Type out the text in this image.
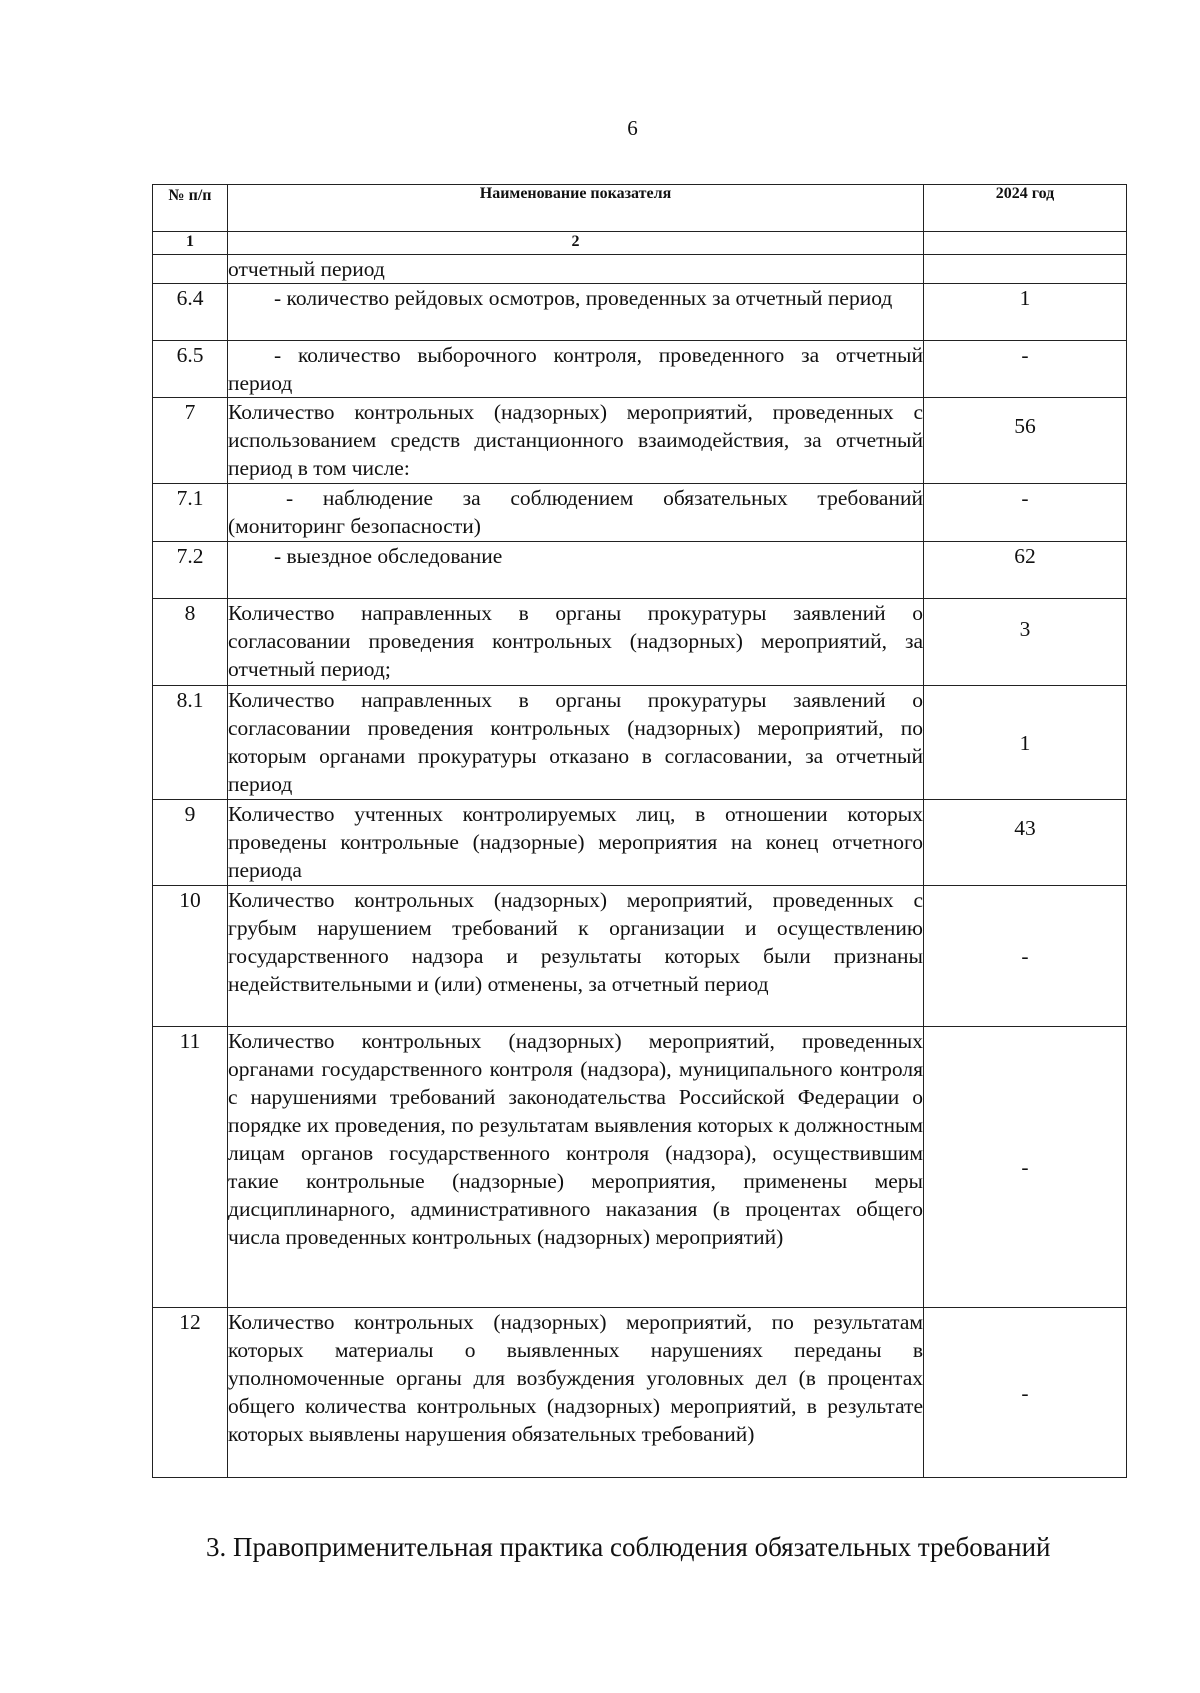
6
№ п/п	Наименование показателя	2024 год
1	2	
	отчетный период	
6.4	- количество рейдовых осмотров, проведенных за отчетный период	1
6.5	- количество выборочного контроля, проведенного за отчетный период	-
7	Количество контрольных (надзорных) мероприятий, проведенных с использованием средств дистанционного взаимодействия, за отчетный период в том числе:	56
7.1	- наблюдение за соблюдением обязательных требований (мониторинг безопасности)	-
7.2	- выездное обследование	62
8	Количество направленных в органы прокуратуры заявлений о согласовании проведения контрольных (надзорных) мероприятий, за отчетный период;	3
8.1	Количество направленных в органы прокуратуры заявлений о согласовании проведения контрольных (надзорных) мероприятий, по которым органами прокуратуры отказано в согласовании, за отчетный период	1
9	Количество учтенных контролируемых лиц, в отношении которых проведены контрольные (надзорные) мероприятия на конец отчетного периода	43
10	Количество контрольных (надзорных) мероприятий, проведенных с грубым нарушением требований к организации и осуществлению государственного надзора и результаты которых были признаны недействительными и (или) отменены, за отчетный период	-
11	Количество контрольных (надзорных) мероприятий, проведенных органами государственного контроля (надзора), муниципального контроля с нарушениями требований законодательства Российской Федерации о порядке их проведения, по результатам выявления которых к должностным лицам органов государственного контроля (надзора), осуществившим такие контрольные (надзорные) мероприятия, применены меры дисциплинарного, административного наказания (в процентах общего числа проведенных контрольных (надзорных) мероприятий)	-
12	Количество контрольных (надзорных) мероприятий, по результатам которых материалы о выявленных нарушениях переданы в уполномоченные органы для возбуждения уголовных дел (в процентах общего количества контрольных (надзорных) мероприятий, в результате которых выявлены нарушения обязательных требований)	-
3. Правоприменительная практика соблюдения обязательных требований
